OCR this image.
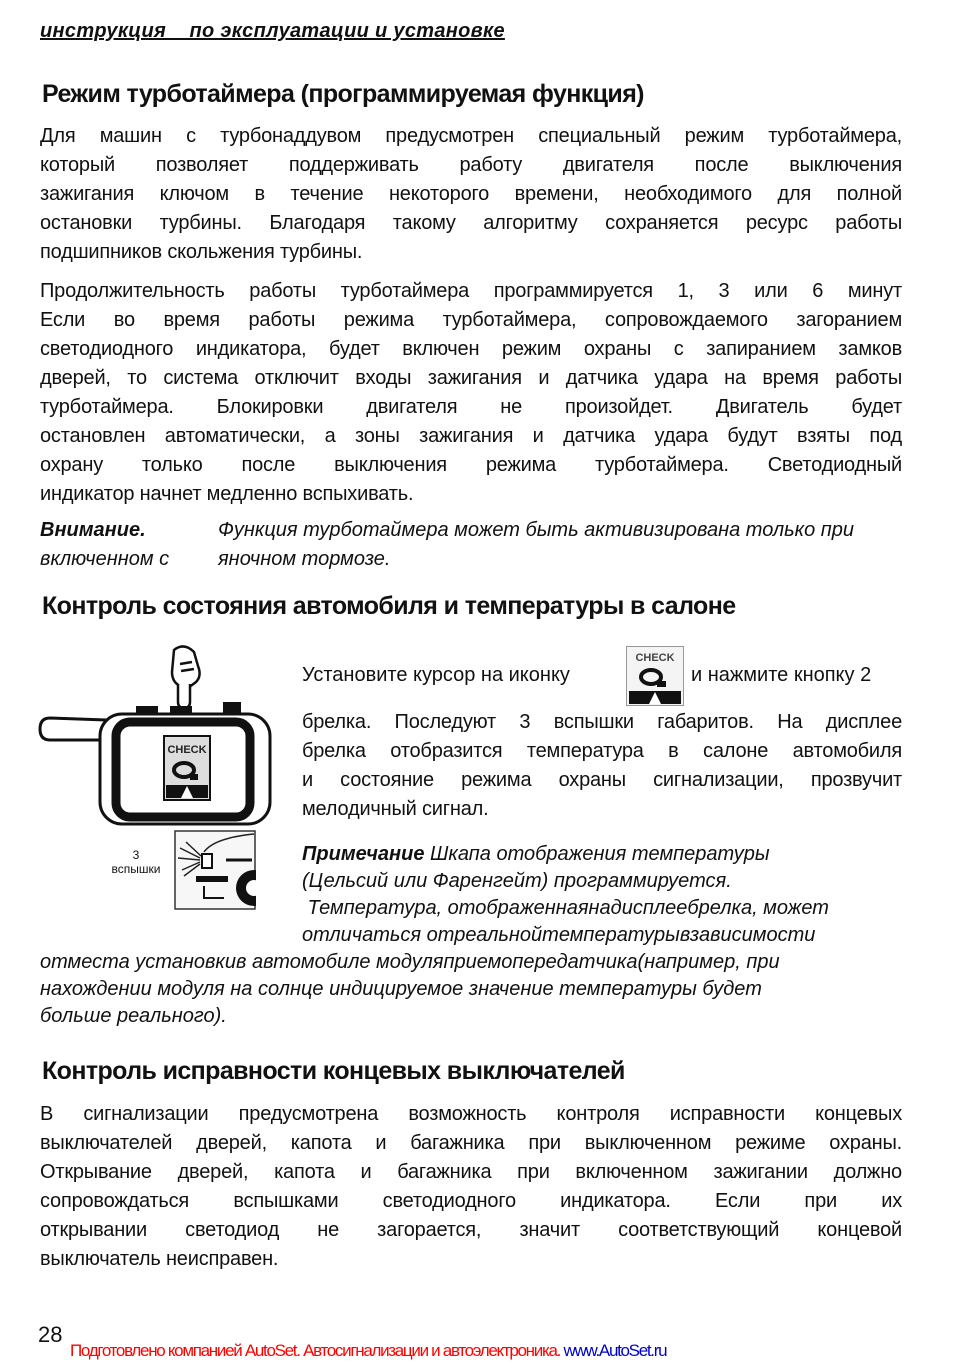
инструкция    по эксплуатации и установке
Режим турботаймера (программируемая функция)
Для машин с турбонаддувом предусмотрен специальный режим турботаймера,
который позволяет поддерживать работу двигателя после выключения
зажигания ключом в течение некоторого времени, необходимого для полной
остановки турбины. Благодаря такому алгоритму сохраняется ресурс работы
подшипников скольжения турбины.
Продолжительность работы турботаймера программируется 1, 3 или 6 минут
Если во время работы режима турботаймера, сопровождаемого загоранием
светодиодного индикатора, будет включен режим охраны с запиранием замков
дверей, то система отключит входы зажигания и датчика удара на время работы
турботаймера. Блокировки двигателя не произойдет. Двигатель будет
остановлен автоматически, а зоны зажигания и датчика удара будут взяты под
охрану только после выключения режима турботаймера. Светодиодный
индикатор начнет медленно вспыхивать.
Внимание.	Функция турботаймера может быть активизирована только при
включенном с яночном тормозе.
Контроль состояния автомобиля и температуры в салоне
CHECK
3
вспышки
Установите курсор на иконку
CHECK
и нажмите кнопку 2
брелка. Последуют 3 вспышки габаритов. На дисплее
брелка отобразится температура в салоне автомобиля
и состояние режима охраны сигнализации, прозвучит
мелодичный сигнал.
Примечание Шкапа отображения температуры
(Цельсий или Фаренгейт) программируется.
Температура, отображеннаянадисплеебрелка, может
отличаться отреальнойтемпературывзависимости
отместа установкив автомобиле модуляприемопередатчика(например, при
нахождении модуля на солнце индицируемое значение температуры будет
больше реального).
Контроль исправности концевых выключателей
В сигнализации предусмотрена возможность контроля исправности концевых
выключателей дверей, капота и багажника при выключенном режиме охраны.
Открывание дверей, капота и багажника при включенном зажигании должно
сопровождаться вспышками светодиодного индикатора. Если при их
открывании светодиод не загорается, значит соответствующий концевой
выключатель неисправен.
28
Подготовлено компанией AutoSet. Автосигнализации и автоэлектроника. www.AutoSet.ru
